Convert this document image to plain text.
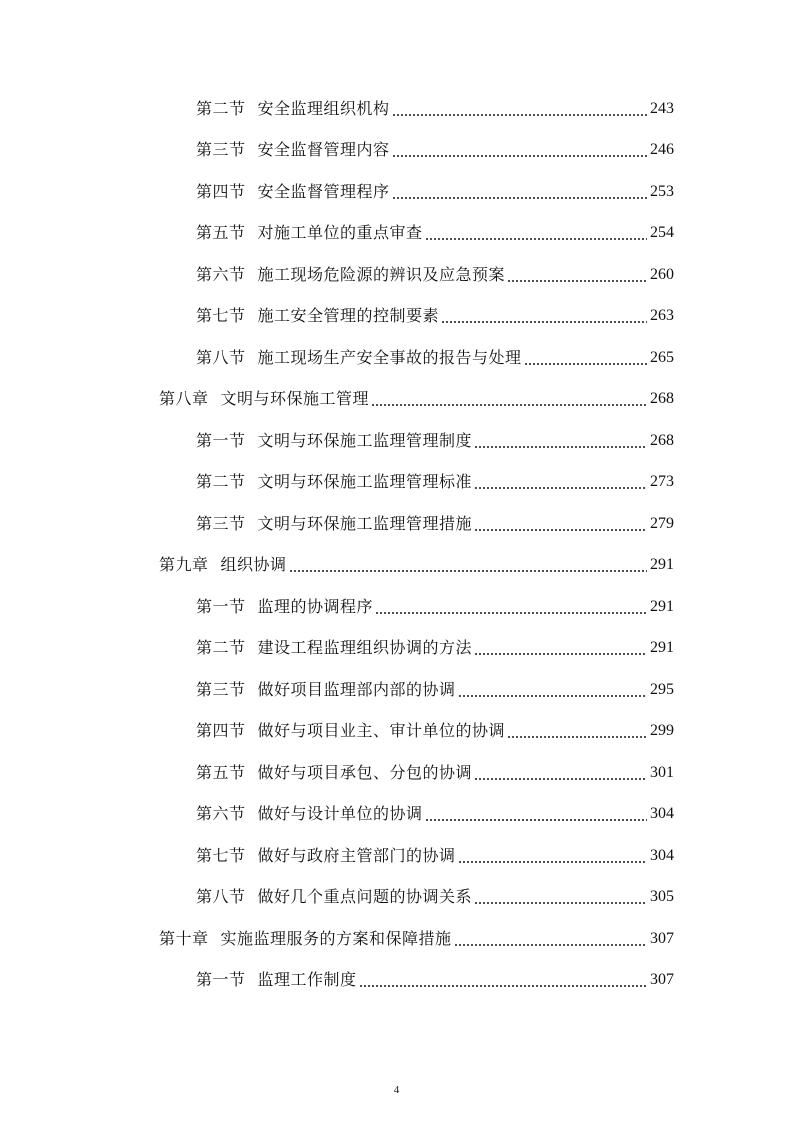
第二节 安全监理组织机构	243
第三节 安全监督管理内容	246
第四节 安全监督管理程序	253
第五节 对施工单位的重点审查	254
第六节 施工现场危险源的辨识及应急预案	260
第七节 施工安全管理的控制要素	263
第八节 施工现场生产安全事故的报告与处理	265
第八章 文明与环保施工管理	268
第一节 文明与环保施工监理管理制度	268
第二节 文明与环保施工监理管理标准	273
第三节 文明与环保施工监理管理措施	279
第九章 组织协调	291
第一节 监理的协调程序	291
第二节 建设工程监理组织协调的方法	291
第三节 做好项目监理部内部的协调	295
第四节 做好与项目业主、审计单位的协调	299
第五节 做好与项目承包、分包的协调	301
第六节 做好与设计单位的协调	304
第七节 做好与政府主管部门的协调	304
第八节 做好几个重点问题的协调关系	305
第十章 实施监理服务的方案和保障措施	307
第一节 监理工作制度	307
4
